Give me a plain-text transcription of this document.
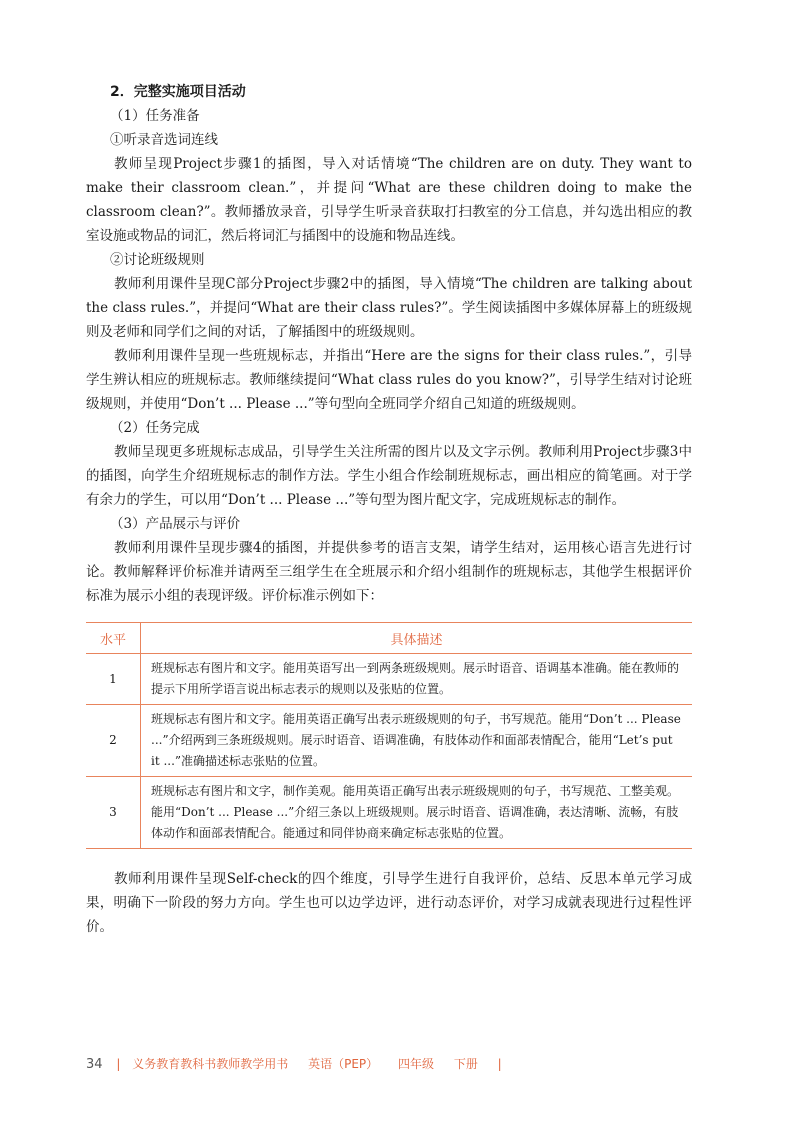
2．完整实施项目活动

（1）任务准备

①听录音选词连线

教师呈现Project步骤1的插图，导入对话情境“The children are on duty. They want to make their classroom clean.”，并提问“What are these children doing to make the classroom clean?”。教师播放录音，引导学生听录音获取打扫教室的分工信息，并勾选出相应的教室设施或物品的词汇，然后将词汇与插图中的设施和物品连线。

②讨论班级规则

教师利用课件呈现C部分Project步骤2中的插图，导入情境“The children are talking about the class rules.”，并提问“What are their class rules?”。学生阅读插图中多媒体屏幕上的班级规则及老师和同学们之间的对话，了解插图中的班级规则。

教师利用课件呈现一些班规标志，并指出“Here are the signs for their class rules.”，引导学生辨认相应的班规标志。教师继续提问“What class rules do you know?”，引导学生结对讨论班级规则，并使用“Don’t ... Please ...”等句型向全班同学介绍自己知道的班级规则。

（2）任务完成

教师呈现更多班规标志成品，引导学生关注所需的图片以及文字示例。教师利用Project步骤3中的插图，向学生介绍班规标志的制作方法。学生小组合作绘制班规标志，画出相应的简笔画。对于学有余力的学生，可以用“Don’t ... Please ...”等句型为图片配文字，完成班规标志的制作。

（3）产品展示与评价

教师利用课件呈现步骤4的插图，并提供参考的语言支架，请学生结对，运用核心语言先进行讨论。教师解释评价标准并请两至三组学生在全班展示和介绍小组制作的班规标志，其他学生根据评价标准为展示小组的表现评级。评价标准示例如下：

水平	具体描述
1	班规标志有图片和文字。能用英语写出一到两条班级规则。展示时语音、语调基本准确。能在教师的提示下用所学语言说出标志表示的规则以及张贴的位置。
2	班规标志有图片和文字。能用英语正确写出表示班级规则的句子，书写规范。能用“Don’t ... Please ...”介绍两到三条班级规则。展示时语音、语调准确，有肢体动作和面部表情配合，能用“Let’s put it ...”准确描述标志张贴的位置。
3	班规标志有图片和文字，制作美观。能用英语正确写出表示班级规则的句子，书写规范、工整美观。能用“Don’t ... Please ...”介绍三条以上班级规则。展示时语音、语调准确，表达清晰、流畅，有肢体动作和面部表情配合。能通过和同伴协商来确定标志张贴的位置。

教师利用课件呈现Self-check的四个维度，引导学生进行自我评价，总结、反思本单元学习成果，明确下一阶段的努力方向。学生也可以边学边评，进行动态评价，对学习成就表现进行过程性评价。

34 | 义务教育教科书教师教学用书 英语（PEP） 四年级 下册 |
